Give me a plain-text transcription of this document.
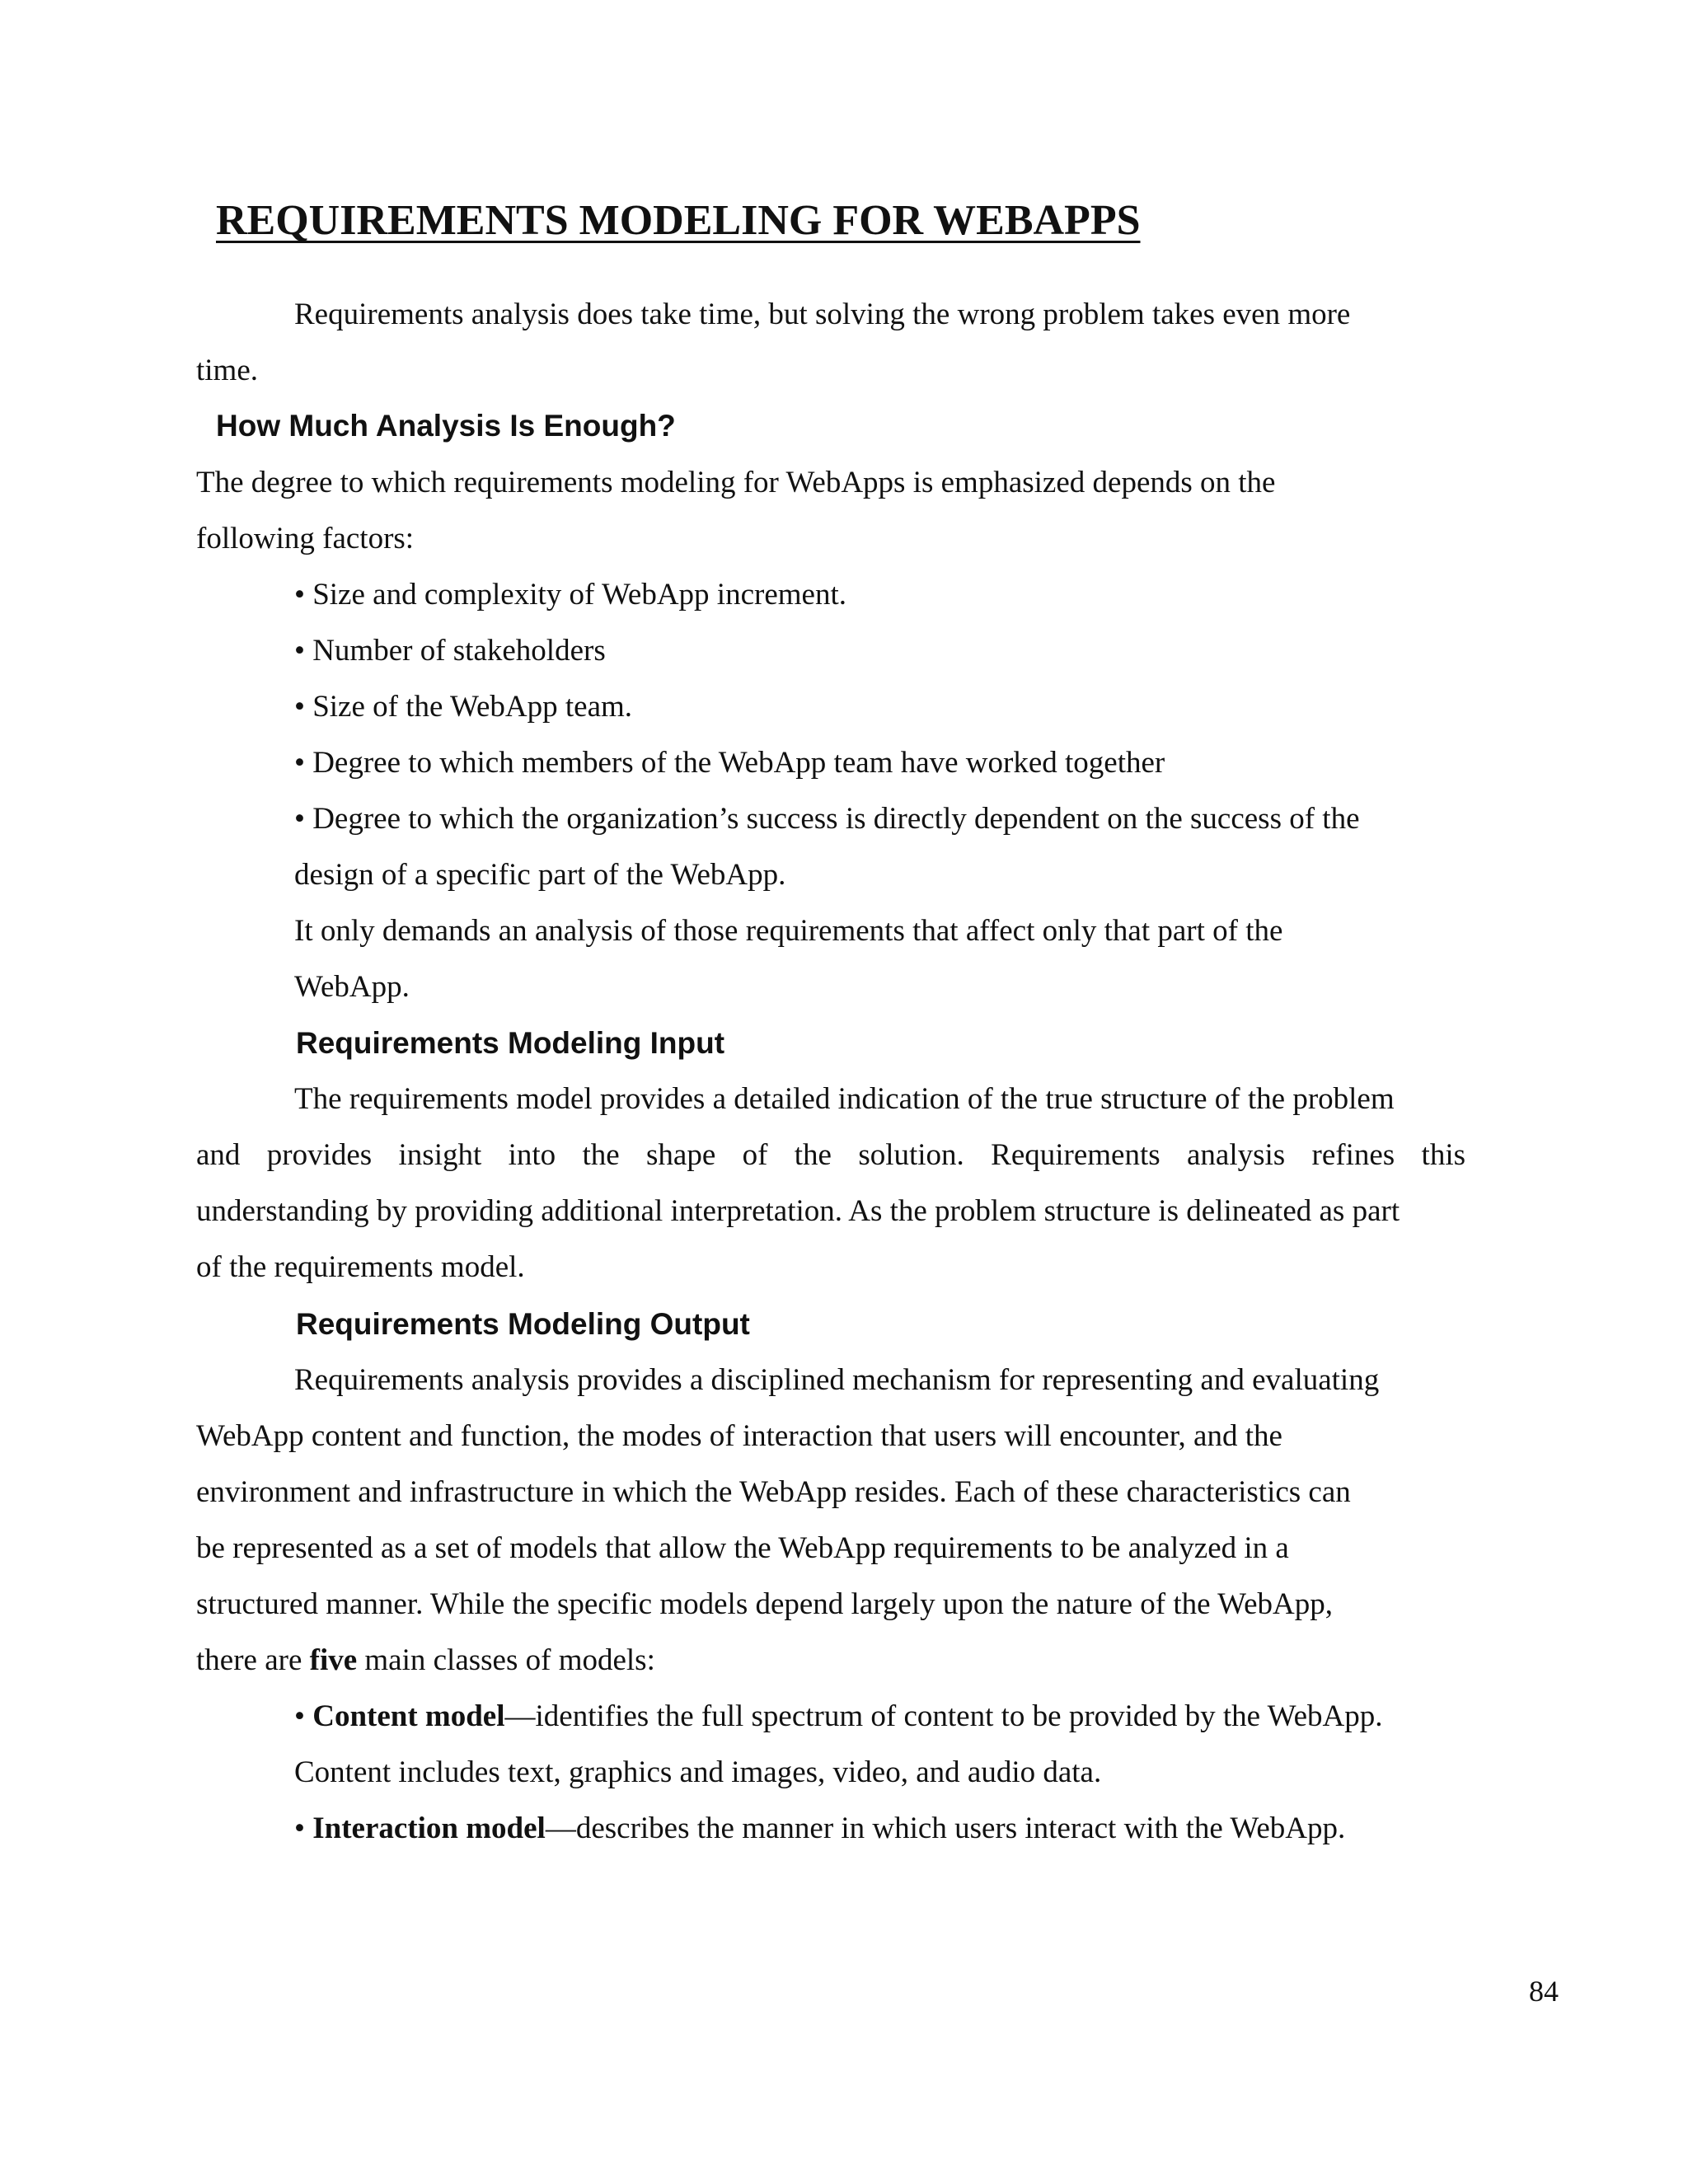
REQUIREMENTS MODELING FOR WEBAPPS
Requirements analysis does take time, but solving the wrong problem takes even more
time.
How Much Analysis Is Enough?
The degree to which requirements modeling for WebApps is emphasized depends on the
following factors:
• Size and complexity of WebApp increment.
• Number of stakeholders
• Size of the WebApp team.
• Degree to which members of the WebApp team have worked together
• Degree to which the organization’s success is directly dependent on the success of the
design of a specific part of the WebApp.
It only demands an analysis of those requirements that affect only that part of the
WebApp.
Requirements Modeling Input
The requirements model provides a detailed indication of the true structure of the problem
and provides insight into the shape of the solution. Requirements analysis refines this
understanding by providing additional interpretation. As the problem structure is delineated as part
of the requirements model.
Requirements Modeling Output
Requirements analysis provides a disciplined mechanism for representing and evaluating
WebApp content and function, the modes of interaction that users will encounter, and the
environment and infrastructure in which the WebApp resides. Each of these characteristics can
be represented as a set of models that allow the WebApp requirements to be analyzed in a
structured manner. While the specific models depend largely upon the nature of the WebApp,
there are five main classes of models:
• Content model—identifies the full spectrum of content to be provided by the WebApp.
Content includes text, graphics and images, video, and audio data.
• Interaction model—describes the manner in which users interact with the WebApp.
84
